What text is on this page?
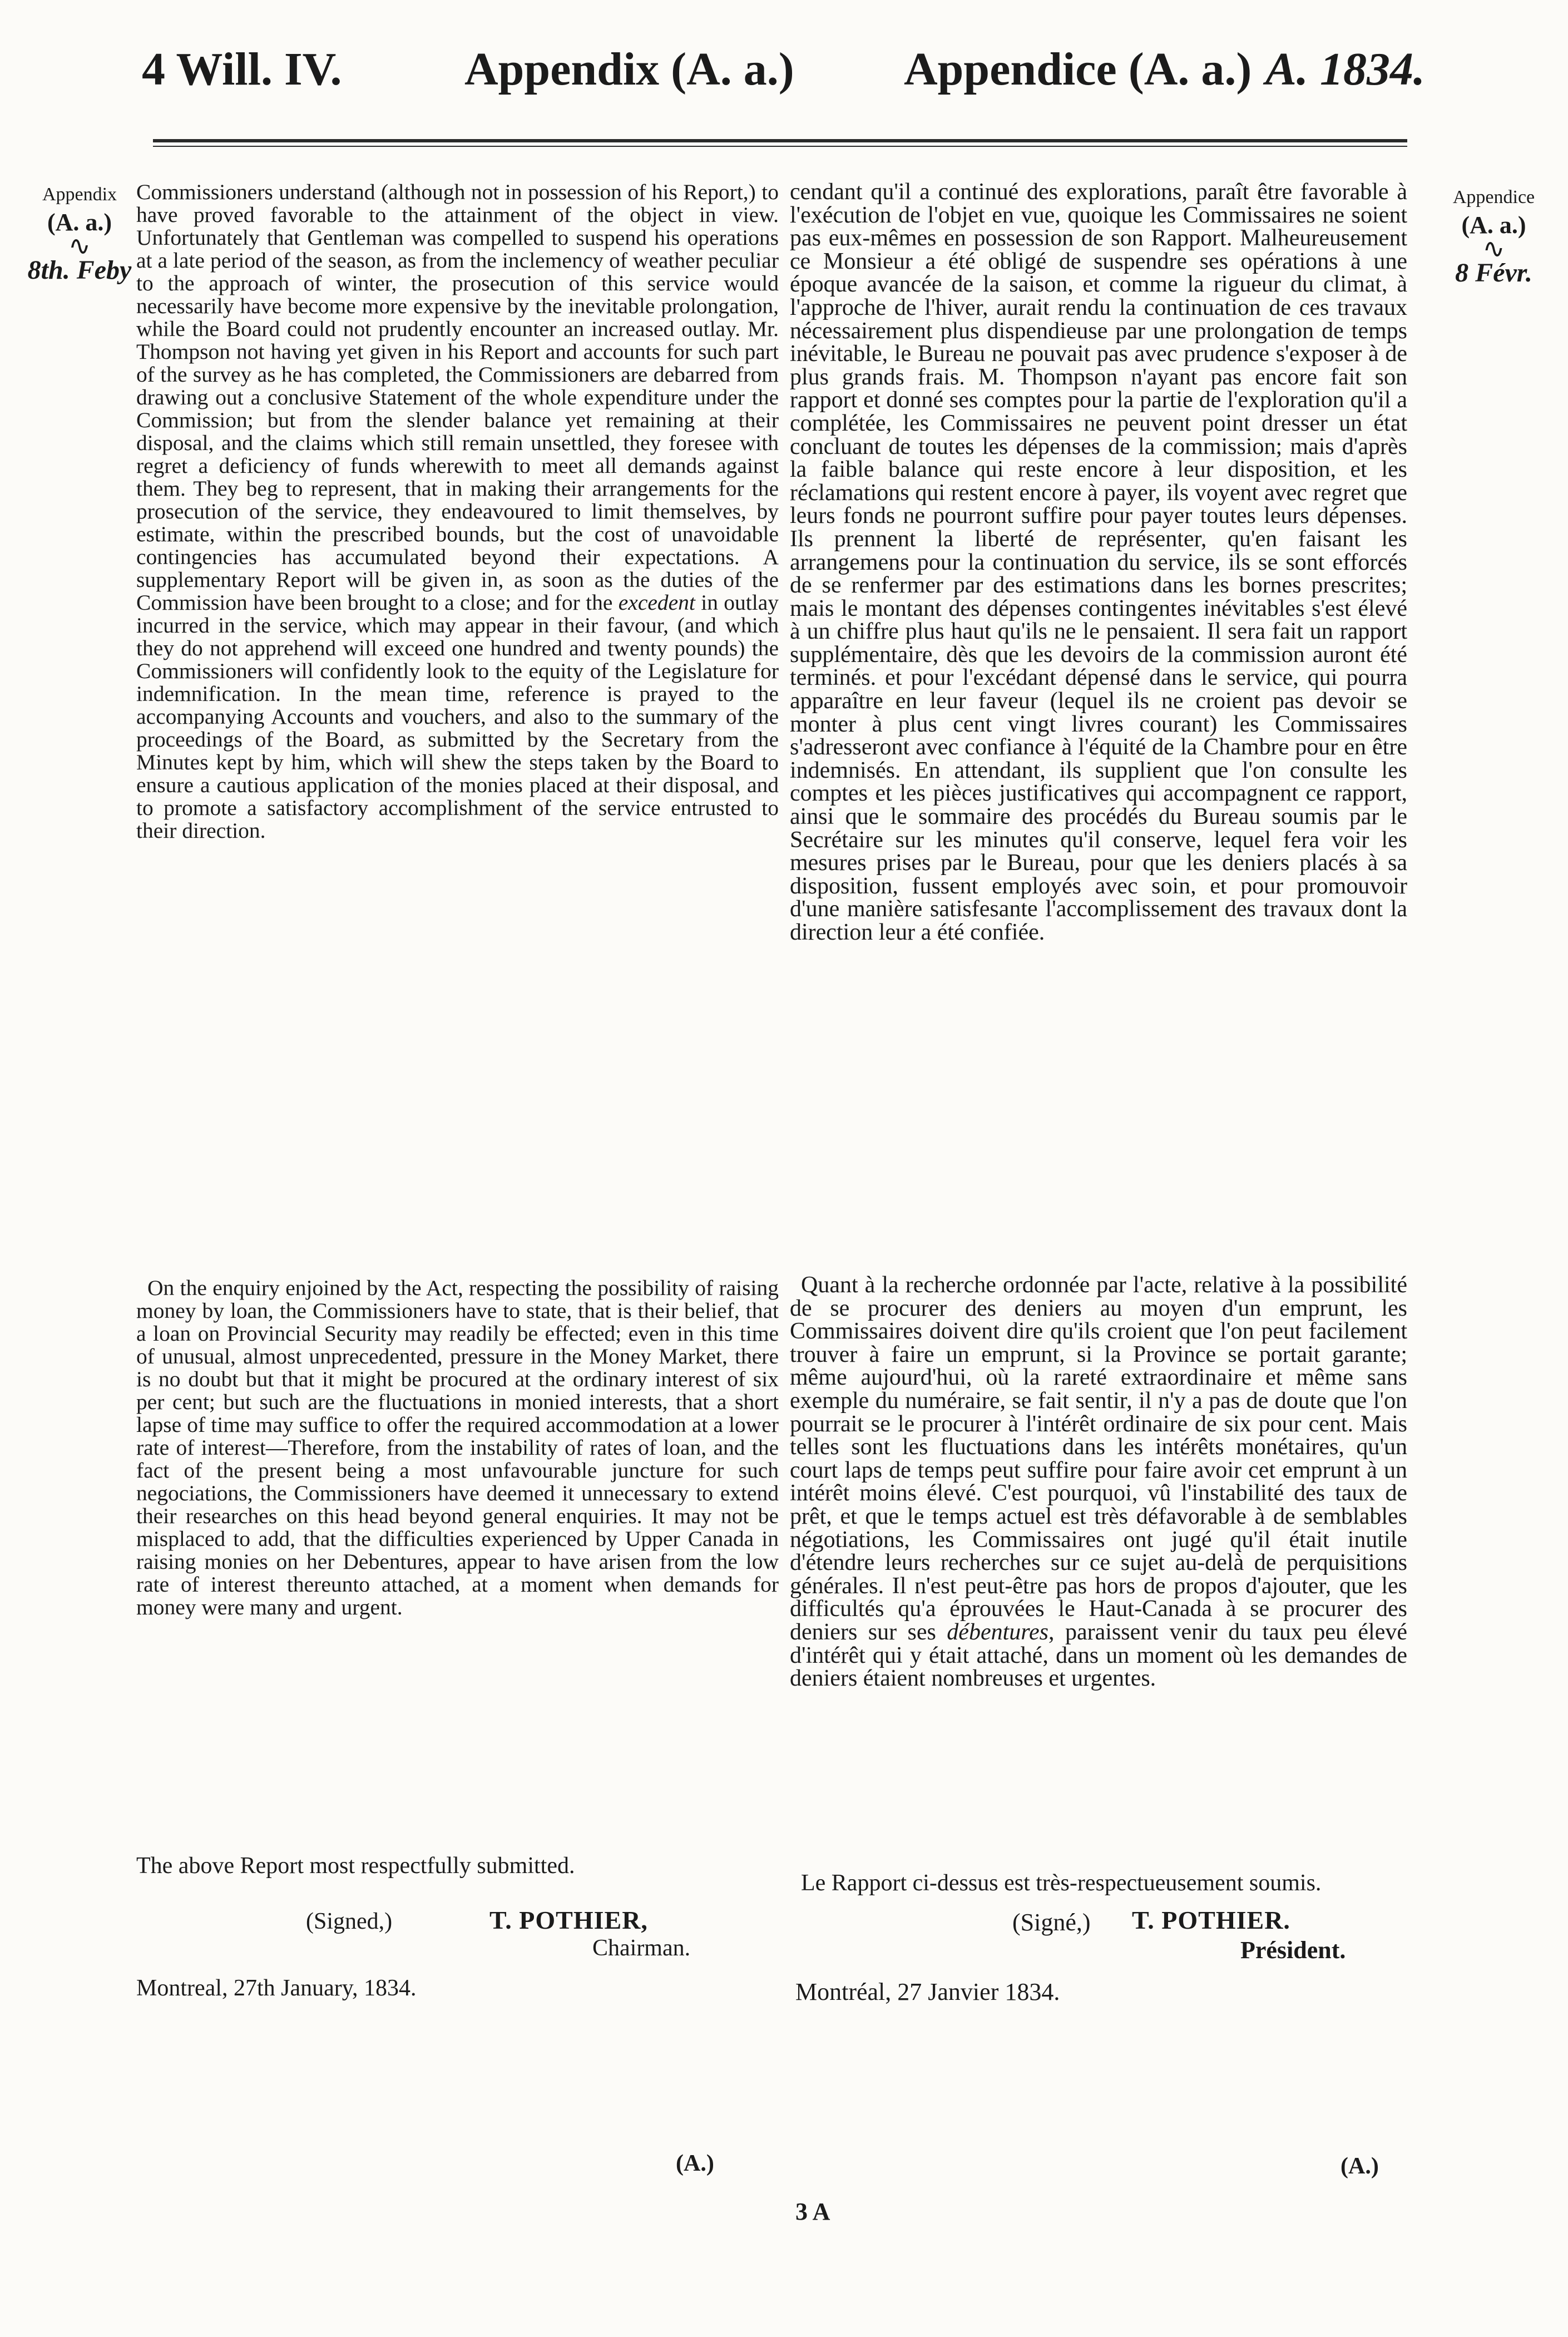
4 Will. IV.	Appendix (A. a.) Appendice (A. a.) A. 1834.
Appendix
(A. a.)
∿
8th. Feby
Appendice
(A. a.)
∿
8 Févr.

Commissioners understand (although not in possession of his Report,) to have proved favorable to the attainment of the object in view. Unfortunately that Gentleman was compelled to suspend his operations at a late period of the season, as from the inclemency of weather peculiar to the approach of winter, the prosecution of this service would necessarily have become more expensive by the inevitable prolongation, while the Board could not prudently encounter an increased outlay. Mr. Thompson not having yet given in his Report and accounts for such part of the survey as he has completed, the Commissioners are debarred from drawing out a conclusive Statement of the whole expenditure under the Commission; but from the slender balance yet remaining at their disposal, and the claims which still remain unsettled, they foresee with regret a deficiency of funds wherewith to meet all demands against them. They beg to represent, that in making their arrangements for the prosecution of the service, they endeavoured to limit themselves, by estimate, within the prescribed bounds, but the cost of unavoidable contingencies has accumulated beyond their expectations. A supplementary Report will be given in, as soon as the duties of the Commission have been brought to a close; and for the excedent in outlay incurred in the service, which may appear in their favour, (and which they do not apprehend will exceed one hundred and twenty pounds) the Commissioners will confidently look to the equity of the Legislature for indemnification. In the mean time, reference is prayed to the accompanying Accounts and vouchers, and also to the summary of the proceedings of the Board, as submitted by the Secretary from the Minutes kept by him, which will shew the steps taken by the Board to ensure a cautious application of the monies placed at their disposal, and to promote a satisfactory accomplishment of the service entrusted to their direction.

On the enquiry enjoined by the Act, respecting the possibility of raising money by loan, the Commissioners have to state, that is their belief, that a loan on Provincial Security may readily be effected; even in this time of unusual, almost unprecedented, pressure in the Money Market, there is no doubt but that it might be procured at the ordinary interest of six per cent; but such are the fluctuations in monied interests, that a short lapse of time may suffice to offer the required accommodation at a lower rate of interest—Therefore, from the instability of rates of loan, and the fact of the present being a most unfavourable juncture for such negociations, the Commissioners have deemed it unnecessary to extend their researches on this head beyond general enquiries. It may not be misplaced to add, that the difficulties experienced by Upper Canada in raising monies on her Debentures, appear to have arisen from the low rate of interest thereunto attached, at a moment when demands for money were many and urgent.

The above Report most respectfully submitted.
(Signed,)	T. POTHIER,
Chairman.
Montreal, 27th January, 1834.

cendant qu'il a continué des explorations, paraît être favorable à l'exécution de l'objet en vue, quoique les Commissaires ne soient pas eux-mêmes en possession de son Rapport. Malheureusement ce Monsieur a été obligé de suspendre ses opérations à une époque avancée de la saison, et comme la rigueur du climat, à l'approche de l'hiver, aurait rendu la continuation de ces travaux nécessairement plus dispendieuse par une prolongation de temps inévitable, le Bureau ne pouvait pas avec prudence s'exposer à de plus grands frais. M. Thompson n'ayant pas encore fait son rapport et donné ses comptes pour la partie de l'exploration qu'il a complétée, les Commissaires ne peuvent point dresser un état concluant de toutes les dépenses de la commission; mais d'après la faible balance qui reste encore à leur disposition, et les réclamations qui restent encore à payer, ils voyent avec regret que leurs fonds ne pourront suffire pour payer toutes leurs dépenses. Ils prennent la liberté de représenter, qu'en faisant les arrangemens pour la continuation du service, ils se sont efforcés de se renfermer par des estimations dans les bornes prescrites; mais le montant des dépenses contingentes inévitables s'est élevé à un chiffre plus haut qu'ils ne le pensaient. Il sera fait un rapport supplémentaire, dès que les devoirs de la commission auront été terminés. et pour l'excédant dépensé dans le service, qui pourra apparaître en leur faveur (lequel ils ne croient pas devoir se monter à plus cent vingt livres courant) les Commissaires s'adresseront avec confiance à l'équité de la Chambre pour en être indemnisés. En attendant, ils supplient que l'on consulte les comptes et les pièces justificatives qui accompagnent ce rapport, ainsi que le sommaire des procédés du Bureau soumis par le Secrétaire sur les minutes qu'il conserve, lequel fera voir les mesures prises par le Bureau, pour que les deniers placés à sa disposition, fussent employés avec soin, et pour promouvoir d'une manière satisfesante l'accomplissement des travaux dont la direction leur a été confiée.

Quant à la recherche ordonnée par l'acte, relative à la possibilité de se procurer des deniers au moyen d'un emprunt, les Commissaires doivent dire qu'ils croient que l'on peut facilement trouver à faire un emprunt, si la Province se portait garante; même aujourd'hui, où la rareté extraordinaire et même sans exemple du numéraire, se fait sentir, il n'y a pas de doute que l'on pourrait se le procurer à l'intérêt ordinaire de six pour cent. Mais telles sont les fluctuations dans les intérêts monétaires, qu'un court laps de temps peut suffire pour faire avoir cet emprunt à un intérêt moins élevé. C'est pourquoi, vû l'instabilité des taux de prêt, et que le temps actuel est très défavorable à de semblables négotiations, les Commissaires ont jugé qu'il était inutile d'étendre leurs recherches sur ce sujet au-delà de perquisitions générales. Il n'est peut-être pas hors de propos d'ajouter, que les difficultés qu'a éprouvées le Haut-Canada à se procurer des deniers sur ses débentures, paraissent venir du taux peu élevé d'intérêt qui y était attaché, dans un moment où les demandes de deniers étaient nombreuses et urgentes.

Le Rapport ci-dessus est très-respectueusement soumis.

(Signé,) T. POTHIER.
Président.
Montréal, 27 Janvier 1834.
(A.)
3 A
(A.)
